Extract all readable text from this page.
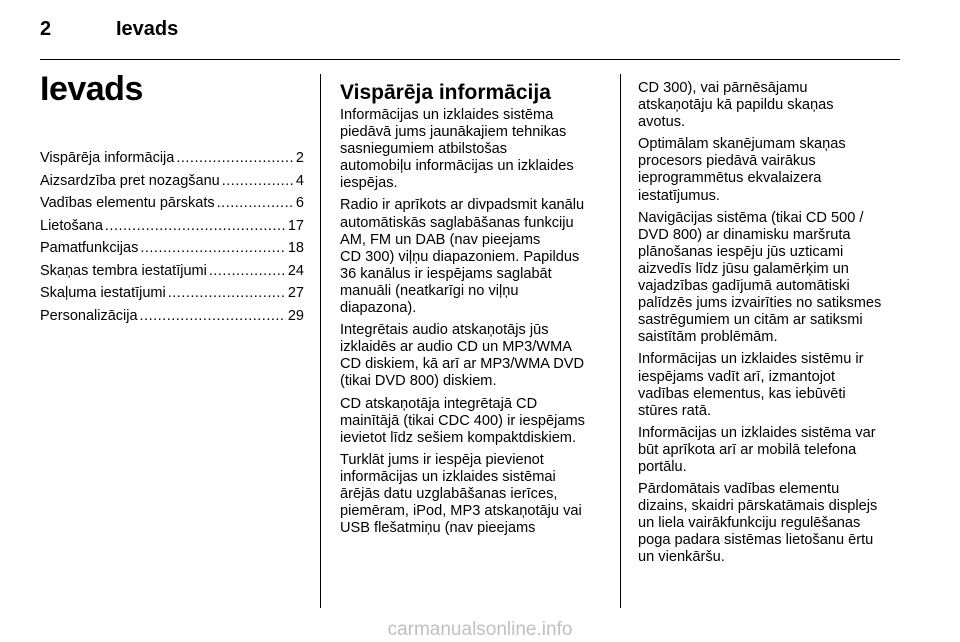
2	Ievads
Ievads
Vispārēja informācija .....	2
Aizsardzība pret nozagšanu .....	4
Vadības elementu pārskats .....	6
Lietošana .....	17
Pamatfunkcijas .....	18
Skaņas tembra iestatījumi .....	24
Skaļuma iestatījumi .....	27
Personalizācija .....	29
Vispārēja informācija

Informācijas un izklaides sistēma
piedāvā jums jaunākajiem tehnikas
sasniegumiem atbilstošas
automobiļu informācijas un izklaides
iespējas.

Radio ir aprīkots ar divpadsmit kanālu
automātiskās saglabāšanas funkciju
AM, FM un DAB (nav pieejams
CD 300) viļņu diapazoniem. Papildus
36 kanālus ir iespējams saglabāt
manuāli (neatkarīgi no viļņu
diapazona).

Integrētais audio atskaņotājs jūs
izklaidēs ar audio CD un MP3/WMA
CD diskiem, kā arī ar MP3/WMA DVD
(tikai DVD 800) diskiem.

CD atskaņotāja integrētajā CD
mainītājā (tikai CDC 400) ir iespējams
ievietot līdz sešiem kompaktdiskiem.

Turklāt jums ir iespēja pievienot
informācijas un izklaides sistēmai
ārējās datu uzglabāšanas ierīces,
piemēram, iPod, MP3 atskaņotāju vai
USB flešatmiņu (nav pieejams

CD 300), vai pārnēsājamu
atskaņotāju kā papildu skaņas
avotus.

Optimālam skanējumam skaņas
procesors piedāvā vairākus
ieprogrammētus ekvalaizera
iestatījumus.

Navigācijas sistēma (tikai CD 500 /
DVD 800) ar dinamisku maršruta
plānošanas iespēju jūs uzticami
aizvedīs līdz jūsu galamērķim un
vajadzības gadījumā automātiski
palīdzēs jums izvairīties no satiksmes
sastrēgumiem un citām ar satiksmi
saistītām problēmām.

Informācijas un izklaides sistēmu ir
iespējams vadīt arī, izmantojot
vadības elementus, kas iebūvēti
stūres ratā.

Informācijas un izklaides sistēma var
būt aprīkota arī ar mobilā telefona
portālu.

Pārdomātais vadības elementu
dizains, skaidri pārskatāmais displejs
un liela vairākfunkciju regulēšanas
poga padara sistēmas lietošanu ērtu
un vienkāršu.

carmanualsonline.info
